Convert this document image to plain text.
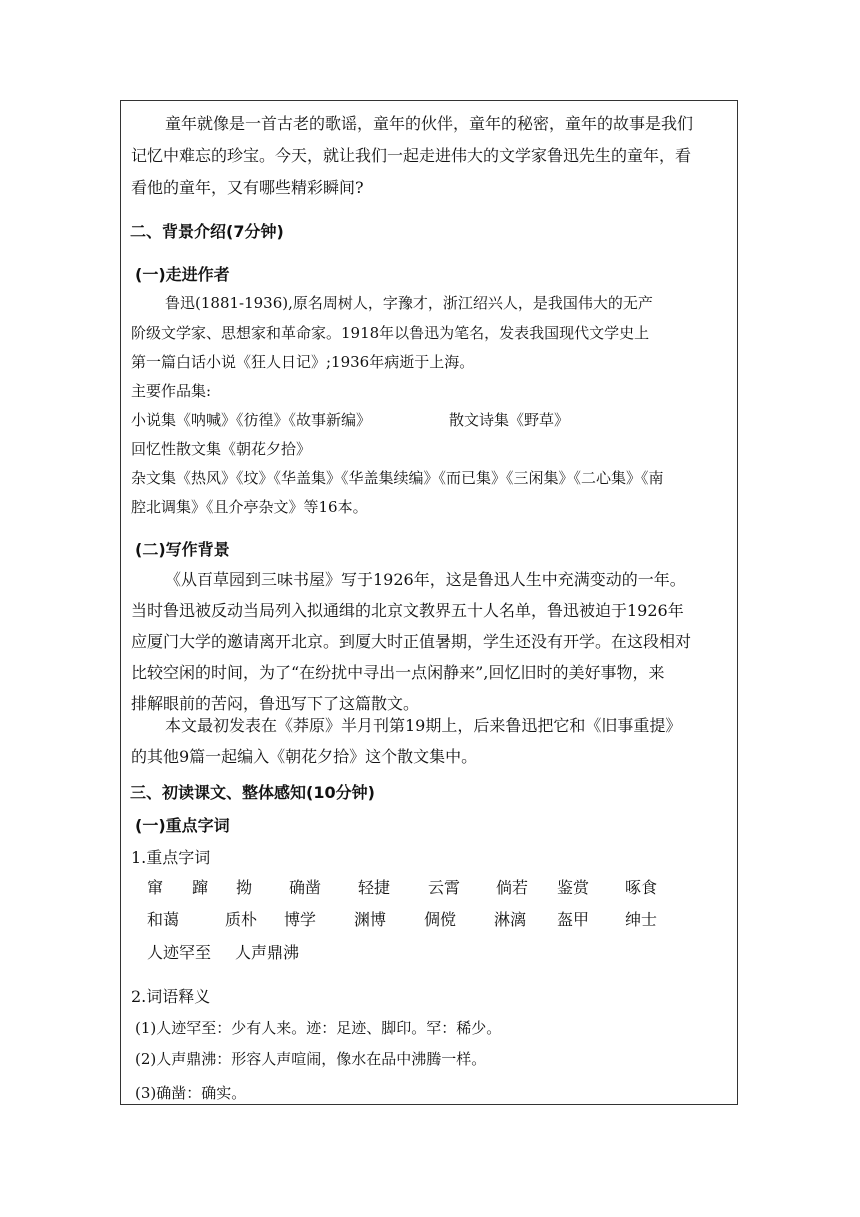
童年就像是一首古老的歌谣，童年的伙伴，童年的秘密，童年的故事是我们
记忆中难忘的珍宝。今天，就让我们一起走进伟大的文学家鲁迅先生的童年，看
看他的童年，又有哪些精彩瞬间?
二、背景介绍(7分钟)
(一)走进作者
鲁迅(1881-1936),原名周树人，字豫才，浙江绍兴人，是我国伟大的无产
阶级文学家、思想家和革命家。1918年以鲁迅为笔名，发表我国现代文学史上
第一篇白话小说《狂人日记》;1936年病逝于上海。
主要作品集:
小说集《呐喊》《彷徨》《故事新编》	散文诗集《野草》
回忆性散文集《朝花夕拾》
杂文集《热风》《坟》《华盖集》《华盖集续编》《而已集》《三闲集》《二心集》《南
腔北调集》《且介亭杂文》等16本。
(二)写作背景
《从百草园到三味书屋》写于1926年，这是鲁迅人生中充满变动的一年。
当时鲁迅被反动当局列入拟通缉的北京文教界五十人名单，鲁迅被迫于1926年
应厦门大学的邀请离开北京。到厦大时正值暑期，学生还没有开学。在这段相对
比较空闲的时间，为了“在纷扰中寻出一点闲静来”,回忆旧时的美好事物，来
排解眼前的苦闷，鲁迅写下了这篇散文。
本文最初发表在《莽原》半月刊第19期上，后来鲁迅把它和《旧事重提》
的其他9篇一起编入《朝花夕拾》这个散文集中。
三、初读课文、整体感知(10分钟)
(一)重点字词
1.重点字词
窜 蹿 拗 确凿 轻捷 云霄 倘若 鉴赏 啄食
和蔼	质朴 博学 渊博 倜傥 淋漓 盔甲 绅士
人迹罕至 人声鼎沸
2.词语释义
(1)人迹罕至：少有人来。迹：足迹、脚印。罕：稀少。
(2)人声鼎沸：形容人声喧闹，像水在品中沸腾一样。
(3)确凿：确实。
